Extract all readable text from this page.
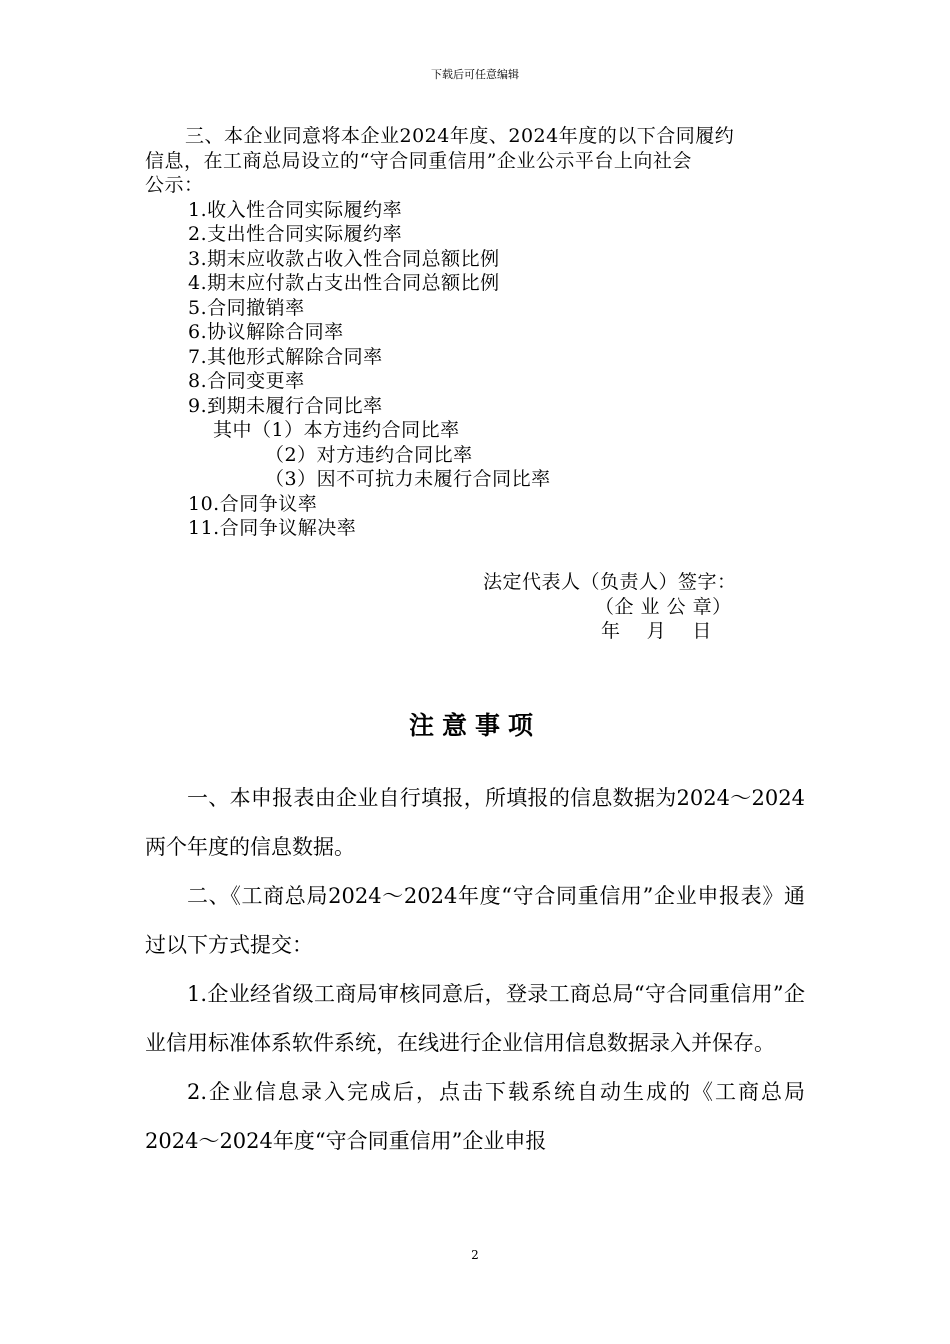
下载后可任意编辑
三、本企业同意将本企业2024年度、2024年度的以下合同履约
信息，在工商总局设立的“守合同重信用”企业公示平台上向社会
公示：
1.收入性合同实际履约率
2.支出性合同实际履约率
3.期末应收款占收入性合同总额比例
4.期末应付款占支出性合同总额比例
5.合同撤销率
6.协议解除合同率
7.其他形式解除合同率
8.合同变更率
9.到期未履行合同比率
其中（1）本方违约合同比率
（2）对方违约合同比率
（3）因不可抗力未履行合同比率
10.合同争议率
11.合同争议解决率
法定代表人（负责人）签字：
（企 业 公 章）
年    月    日
注意事项

一、本申报表由企业自行填报，所填报的信息数据为2024～2024两个年度的信息数据。

二、《工商总局2024～2024年度“守合同重信用”企业申报表》通过以下方式提交：

1.企业经省级工商局审核同意后，登录工商总局“守合同重信用”企业信用标准体系软件系统，在线进行企业信用信息数据录入并保存。

2.企业信息录入完成后，点击下载系统自动生成的《工商总局2024～2024年度“守合同重信用”企业申报

2
